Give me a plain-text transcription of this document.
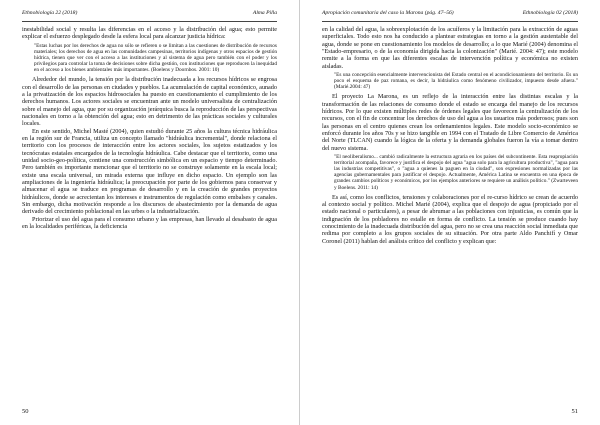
Ethnobiología 22 (2018)	Alma Pilla

inestabilidad social y resulta las diferencias en el acceso y la distribución del agua; esto permite explicar el esfuerzo desplegado desde la esfera local para alcanzar justicia hídrica:

"Estas luchas por los derechos de agua no sólo se refieren o se limitan a las cuestiones de distribución de recursos materiales; los derechos de agua en las comunidades campesinas, territorios indígenas y otros espacios de gestión hídrica, tienen que ver con el acceso a las instituciones y al sistema de agua pero también con el poder y los privilegios para controlar la toma de decisiones sobre dicha gestión, con instituciones que reproducen la inequidad en el acceso a los bienes ambientales más importantes. (Boelens y Doornbos. 2001: 10)

Alrededor del mundo, la tensión por la distribución inadecuada a los recursos hídricos se engrosa con el desarrollo de las personas en ciudades y pueblos. La acumulación de capital económico, aunado a la privatización de los espacios hidrosociales ha puesto en cuestionamiento el cumplimiento de los derechos humanos. Los actores sociales se encuentran ante un modelo universalista de centralización sobre el manejo del agua, que por su organización jerárquica busca la reproducción de las perspectivas nacionales en torno a la obtención del agua; esto en detrimento de las prácticas sociales y culturales locales.

En este sentido, Michel Masté (2004), quien estudió durante 25 años la cultura técnica hidráulica en la región sur de Francia, utiliza un concepto llamado "hidráulica incremental", donde relaciona el territorio con los procesos de interacción entre los actores sociales, los sujetos estatizados y los tecnócratas estatales encargados de la tecnología hidráulica. Cabe destacar que el territorio, como una unidad socio-geo-política, contiene una construcción simbólica en un espacio y tiempo determinado. Pero también es importante mencionar que el territorio no se construye solamente en la escala local; existe una escala universal, un mirada externa que influye en dicho espacio. Un ejemplo son las ampliaciones de la ingeniería hidráulica; la preocupación por parte de los gobiernos para conservar y almacenar el agua se traduce en programas de desarrollo y en la creación de grandes proyectos hidráulicos, donde se acrecientan los intereses e instrumentos de regulación como embalses y canales. Sin embargo, dicha motivación responde a los discursos de abastecimiento por la demanda de agua derivado del crecimiento poblacional en las urbes o la industrialización.

Priorizar el uso del agua para el consumo urbano y las empresas, han llevado al desabasto de agua en la localidades periféricas, la deficiencia

50
Apropiación comunitaria del caso la Marona (pág. 47–56)	Ethnobiología 02 (2018)

en la calidad del agua, la sobreexplotación de los acuíferos y la limitación para la extracción de aguas superficiales. Todo esto nos ha conducido a plantear estrategias en torno a la gestión austentable del agua, donde se pone en cuestionamiento los modelos de desarrollo; a lo que Marié (2004) denomina el "Estado-empresario, o de la economía dirigida hacia la colonización" (Marié. 2004: 47); este modelo remite a la forma en que las diferentes escalas de intervención política y económica no existen aisladas.

"Es una concepción esencialmente intervencionista del Estado central en el acondicionamiento del territorio. Es un poco el esquema de paz romana, es decir, la hidráulica como fenómeno civilizador, impuesto desde afuera." (Marié.2004: 47)

El proyecto La Marona, es un reflejo de la interacción entre las distintas escalas y la transformación de las relaciones de consumo donde el estado se encarga del manejo de los recursos hídricos. Por lo que existen múltiples redes de órdenes legales que favorecen la centralización de los recursos, con el fin de concentrar los derechos de uso del agua a los usuarios más poderosos; pues son las personas en el centro quienes crean los ordenamientos legales. Este modelo socio-económico se enforcó durante los años 70s y se hizo tangible en 1994 con el Tratado de Libre Comercio de América del Norte (TLCAN) cuando la lógica de la oferta y la demanda globales fueron la vía a tomar dentro del nuevo sistema.

"El neoliberalismo... cambió radicalmente la estructura agraria en los países del subcontinente. Esta reapropiación territorial acompaña, favorece y justifica el despojo del agua "agua solo para la agricultura productiva", "agua para las industrias competitivas", o "agua a quienes la paguen en la ciudad", son expresiones normalizadas por las agencias gubernamentales para justificar el despojo. Actualmente, América Latina se encuentra en una época de grandes cambios políticos y económicos, por los ejemplos anteriores se requiere un análisis político." (Zwarteveen y Boelens. 2011: 14)

Es así, como los conflictos, tensiones y colaboraciones por el re-curso hídrico se crean de acuerdo al contexto social y político. Michel Marié (2004), explica que el despojo de agua (propiciado por el estado nacional o particulares), a pesar de abrumar a las poblaciones con injusticias, es común que la indignación de los pobladores no estalle en forma de conflicto. La tensión se produce cuando hay conocimiento de la inadecuada distribución del agua, pero no se crea una reacción social inmediata que redima por completo a los grupos sociales de su situación. Por otra parte Aldo Panchifí y Omar Coronel (2011) hablan del análisis crítico del conflicto y explican que:

51
